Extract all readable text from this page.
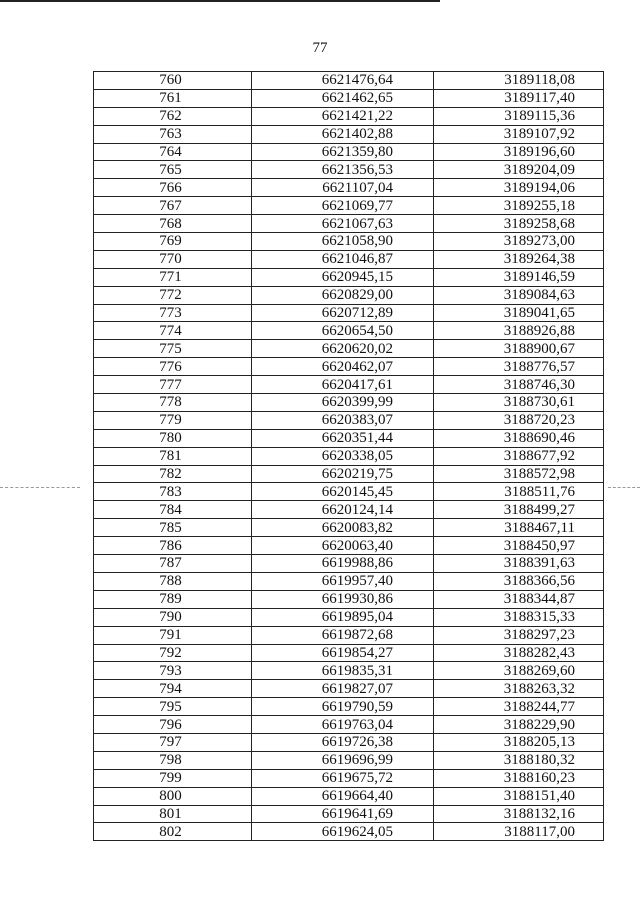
77
760	6621476,64	3189118,08
761	6621462,65	3189117,40
762	6621421,22	3189115,36
763	6621402,88	3189107,92
764	6621359,80	3189196,60
765	6621356,53	3189204,09
766	6621107,04	3189194,06
767	6621069,77	3189255,18
768	6621067,63	3189258,68
769	6621058,90	3189273,00
770	6621046,87	3189264,38
771	6620945,15	3189146,59
772	6620829,00	3189084,63
773	6620712,89	3189041,65
774	6620654,50	3188926,88
775	6620620,02	3188900,67
776	6620462,07	3188776,57
777	6620417,61	3188746,30
778	6620399,99	3188730,61
779	6620383,07	3188720,23
780	6620351,44	3188690,46
781	6620338,05	3188677,92
782	6620219,75	3188572,98
783	6620145,45	3188511,76
784	6620124,14	3188499,27
785	6620083,82	3188467,11
786	6620063,40	3188450,97
787	6619988,86	3188391,63
788	6619957,40	3188366,56
789	6619930,86	3188344,87
790	6619895,04	3188315,33
791	6619872,68	3188297,23
792	6619854,27	3188282,43
793	6619835,31	3188269,60
794	6619827,07	3188263,32
795	6619790,59	3188244,77
796	6619763,04	3188229,90
797	6619726,38	3188205,13
798	6619696,99	3188180,32
799	6619675,72	3188160,23
800	6619664,40	3188151,40
801	6619641,69	3188132,16
802	6619624,05	3188117,00
